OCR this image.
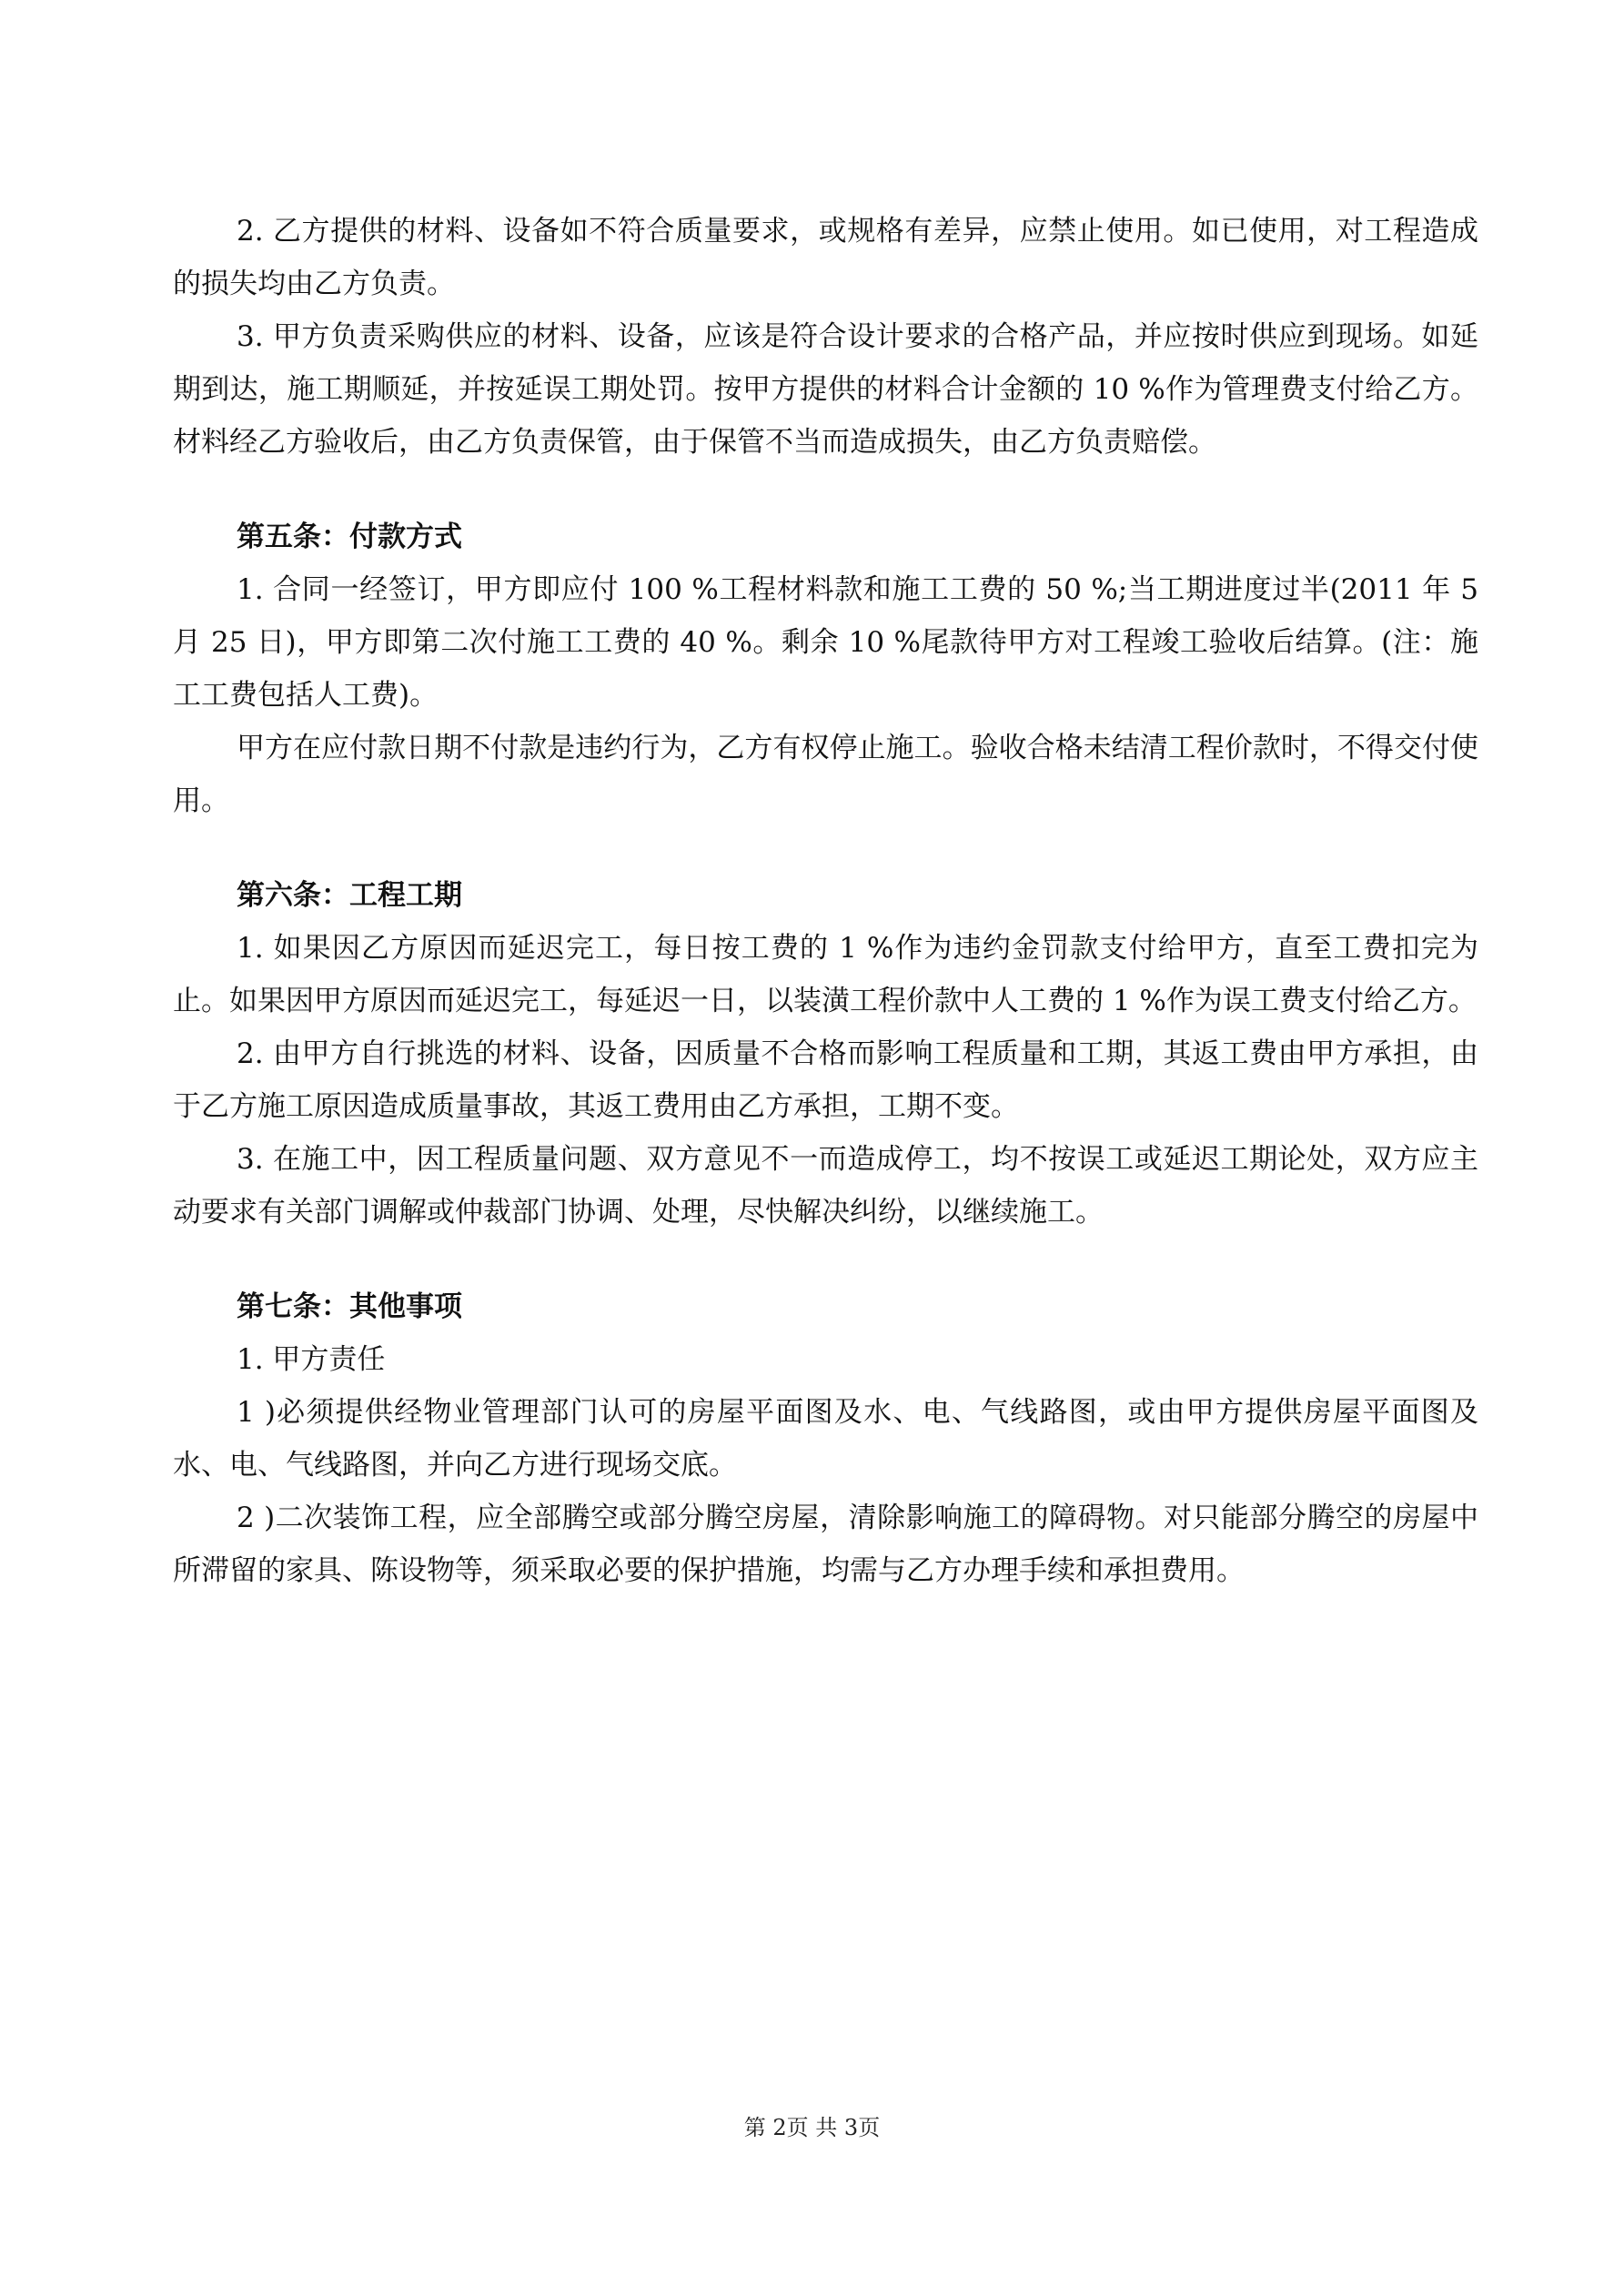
2. 乙方提供的材料、设备如不符合质量要求，或规格有差异，应禁止使用。如已使用，对工程造成的损失均由乙方负责。

3. 甲方负责采购供应的材料、设备，应该是符合设计要求的合格产品，并应按时供应到现场。如延期到达，施工期顺延，并按延误工期处罚。按甲方提供的材料合计金额的 10 %作为管理费支付给乙方。材料经乙方验收后，由乙方负责保管，由于保管不当而造成损失，由乙方负责赔偿。

第五条：付款方式

1. 合同一经签订，甲方即应付 100 %工程材料款和施工工费的 50 %;当工期进度过半(2011 年 5 月 25 日)，甲方即第二次付施工工费的 40 %。剩余 10 %尾款待甲方对工程竣工验收后结算。(注：施工工费包括人工费)。

甲方在应付款日期不付款是违约行为，乙方有权停止施工。验收合格未结清工程价款时，不得交付使用。

第六条：工程工期

1. 如果因乙方原因而延迟完工，每日按工费的 1 %作为违约金罚款支付给甲方，直至工费扣完为止。如果因甲方原因而延迟完工，每延迟一日，以装潢工程价款中人工费的 1 %作为误工费支付给乙方。

2. 由甲方自行挑选的材料、设备，因质量不合格而影响工程质量和工期，其返工费由甲方承担，由于乙方施工原因造成质量事故，其返工费用由乙方承担，工期不变。

3. 在施工中，因工程质量问题、双方意见不一而造成停工，均不按误工或延迟工期论处，双方应主动要求有关部门调解或仲裁部门协调、处理，尽快解决纠纷，以继续施工。

第七条：其他事项

1. 甲方责任

1 )必须提供经物业管理部门认可的房屋平面图及水、电、气线路图，或由甲方提供房屋平面图及水、电、气线路图，并向乙方进行现场交底。

2 )二次装饰工程，应全部腾空或部分腾空房屋，清除影响施工的障碍物。对只能部分腾空的房屋中所滞留的家具、陈设物等，须采取必要的保护措施，均需与乙方办理手续和承担费用。

第 2页 共 3页
